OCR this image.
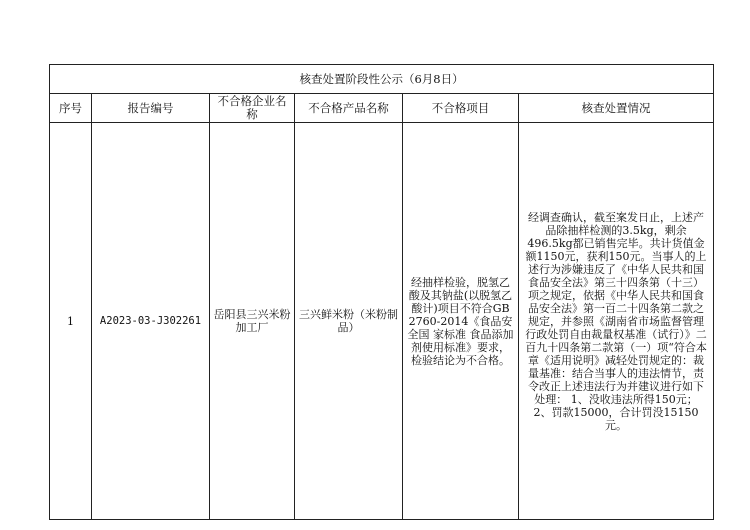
核查处置阶段性公示（6月8日）					
序号	报告编号	不合格企业名称	不合格产品名称	不合格项目	核查处置情况
1	A2023-03-J302261	岳阳县三兴米粉加工厂	三兴鲜米粉（米粉制品）	经抽样检验，脱氢乙酸及其钠盐(以脱氢乙酸计)项目不符合GB 2760-2014《食品安全国 家标准 食品添加剂使用标准》要求，检验结论为不合格。	经调查确认，截至案发日止，上述产品除抽样检测的3.5kg，剩余496.5kg都已销售完毕。共计货值金额1150元，获利150元。当事人的上述行为涉嫌违反了《中华人民共和国食品安全法》第三十四条第（十三）项之规定，依据《中华人民共和国食品安全法》第一百二十四条第二款之规定，并参照《湖南省市场监督管理行政处罚自由裁量权基准（试行）》二百九十四条第二款第（一）项“符合本章《适用说明》减轻处罚规定的：裁量基准：结合当事人的违法情节，责令改正上述违法行为并建议进行如下处理： 1、没收违法所得150元； 2、罚款15000，合计罚没15150元。
